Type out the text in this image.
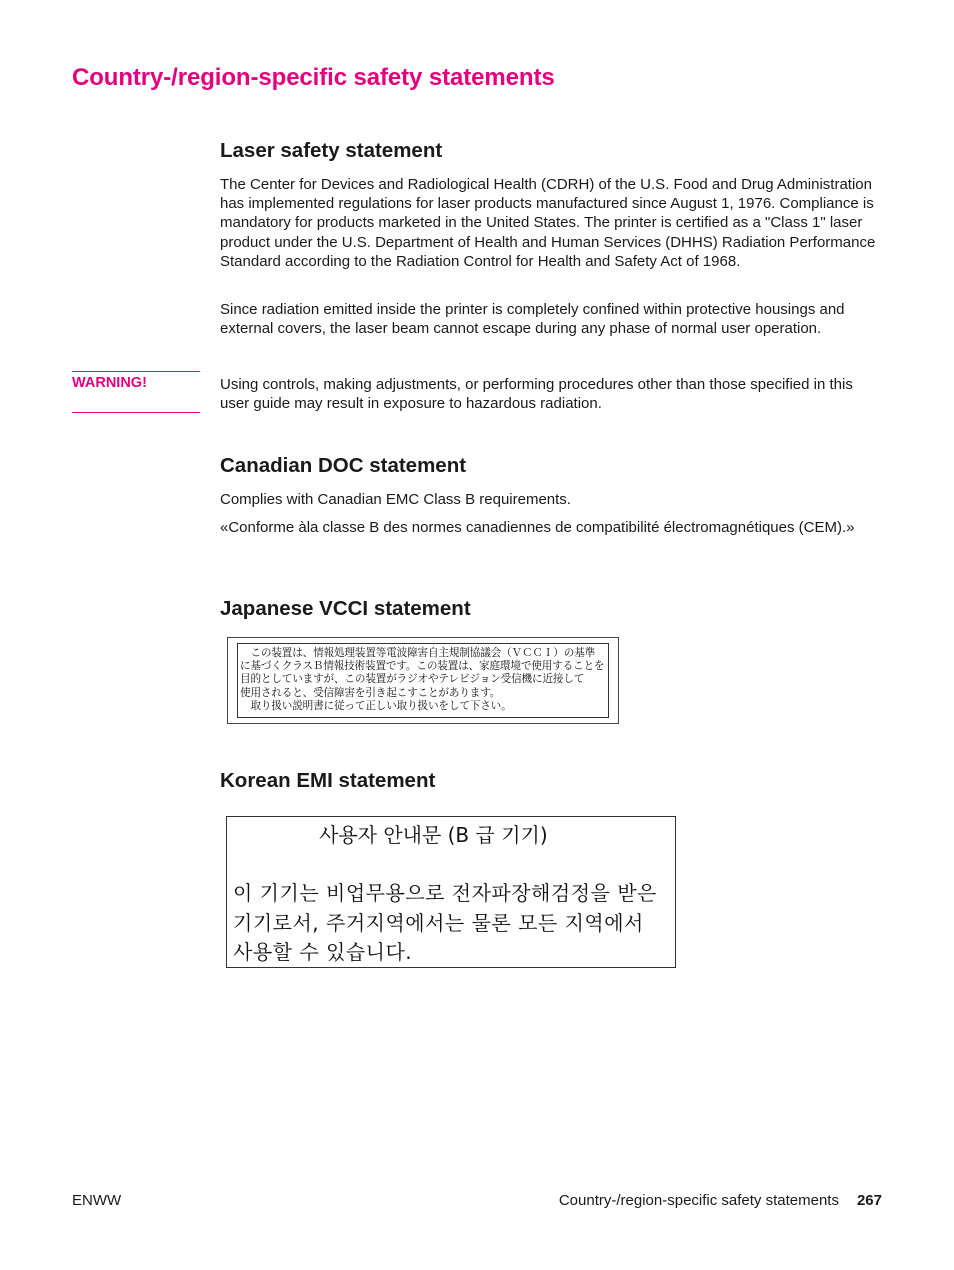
Country-/region-specific safety statements
Laser safety statement

The Center for Devices and Radiological Health (CDRH) of the U.S. Food and Drug Administration has implemented regulations for laser products manufactured since August 1, 1976. Compliance is mandatory for products marketed in the United States. The printer is certified as a "Class 1" laser product under the U.S. Department of Health and Human Services (DHHS) Radiation Performance Standard according to the Radiation Control for Health and Safety Act of 1968.

Since radiation emitted inside the printer is completely confined within protective housings and external covers, the laser beam cannot escape during any phase of normal user operation.

WARNING!	Using controls, making adjustments, or performing procedures other than those specified in this user guide may result in exposure to hazardous radiation.

Canadian DOC statement

Complies with Canadian EMC Class B requirements.

«Conforme àla classe B des normes canadiennes de compatibilité électromagnétiques (CEM).»

Japanese VCCI statement
　この装置は、情報処理装置等電波障害自主規制協議会（ＶＣＣＩ）の基準
に基づくクラスＢ情報技術装置です。この装置は、家庭環境で使用することを
目的としていますが、この装置がラジオやテレビジョン受信機に近接して
使用されると、受信障害を引き起こすことがあります。
　取り扱い説明書に従って正しい取り扱いをして下さい。
Korean EMI statement
사용자 안내문 (B 급 기기)
이 기기는 비업무용으로 전자파장해검정을 받은
기기로서, 주거지역에서는 물론 모든 지역에서
사용할 수 있습니다.
ENWW	Country-/region-specific safety statements 267
